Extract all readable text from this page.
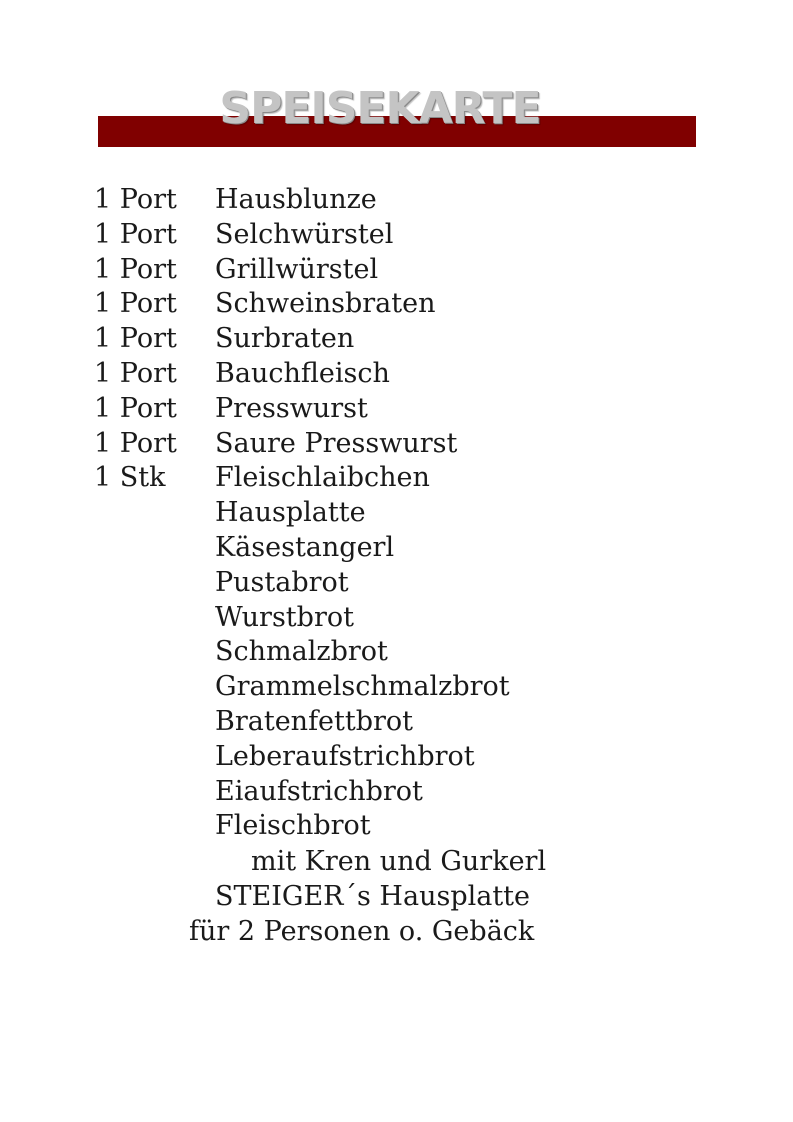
SPEISEKARTE
1 Port Hausblunze
1 Port Selchwürstel
1 Port Grillwürstel
1 Port Schweinsbraten
1 Port Surbraten
1 Port Bauchfleisch
1 Port Presswurst
1 Port Saure Presswurst
1 Stk Fleischlaibchen
Hausplatte
Käsestangerl
Pustabrot
Wurstbrot
Schmalzbrot
Grammelschmalzbrot
Bratenfettbrot
Leberaufstrichbrot
Eiaufstrichbrot
Fleischbrot
mit Kren und Gurkerl
STEIGER´s Hausplatte
für 2 Personen o. Gebäck
